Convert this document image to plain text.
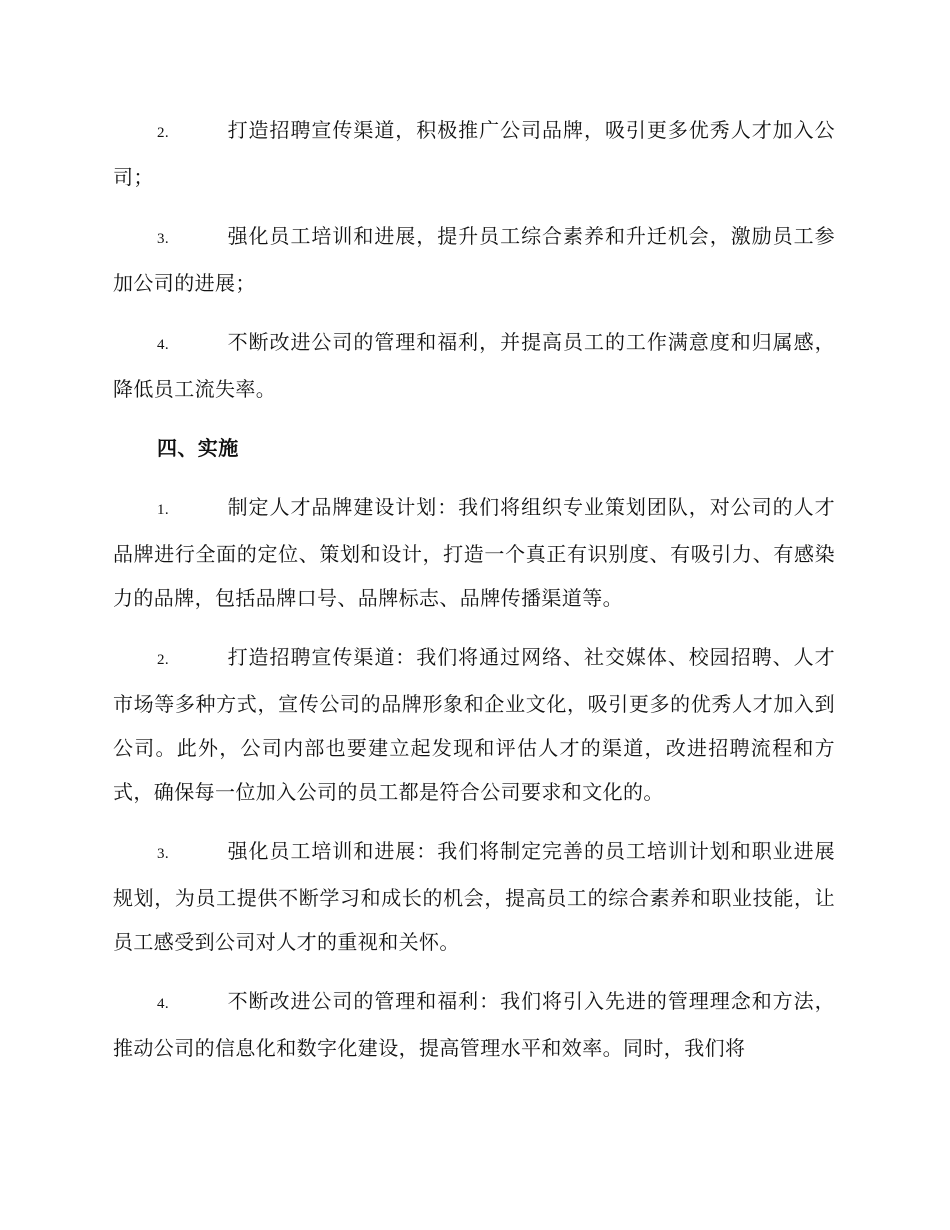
2.	打造招聘宣传渠道，积极推广公司品牌，吸引更多优秀人才加入公司；

3.	强化员工培训和进展，提升员工综合素养和升迁机会，激励员工参加公司的进展；

4.	不断改进公司的管理和福利，并提高员工的工作满意度和归属感，降低员工流失率。

四、实施

1.	制定人才品牌建设计划：我们将组织专业策划团队，对公司的人才品牌进行全面的定位、策划和设计，打造一个真正有识别度、有吸引力、有感染力的品牌，包括品牌口号、品牌标志、品牌传播渠道等。

2.	打造招聘宣传渠道：我们将通过网络、社交媒体、校园招聘、人才市场等多种方式，宣传公司的品牌形象和企业文化，吸引更多的优秀人才加入到公司。此外，公司内部也要建立起发现和评估人才的渠道，改进招聘流程和方式，确保每一位加入公司的员工都是符合公司要求和文化的。

3.	强化员工培训和进展：我们将制定完善的员工培训计划和职业进展规划，为员工提供不断学习和成长的机会，提高员工的综合素养和职业技能，让员工感受到公司对人才的重视和关怀。

4.	不断改进公司的管理和福利：我们将引入先进的管理理念和方法，推动公司的信息化和数字化建设，提高管理水平和效率。同时，我们将
